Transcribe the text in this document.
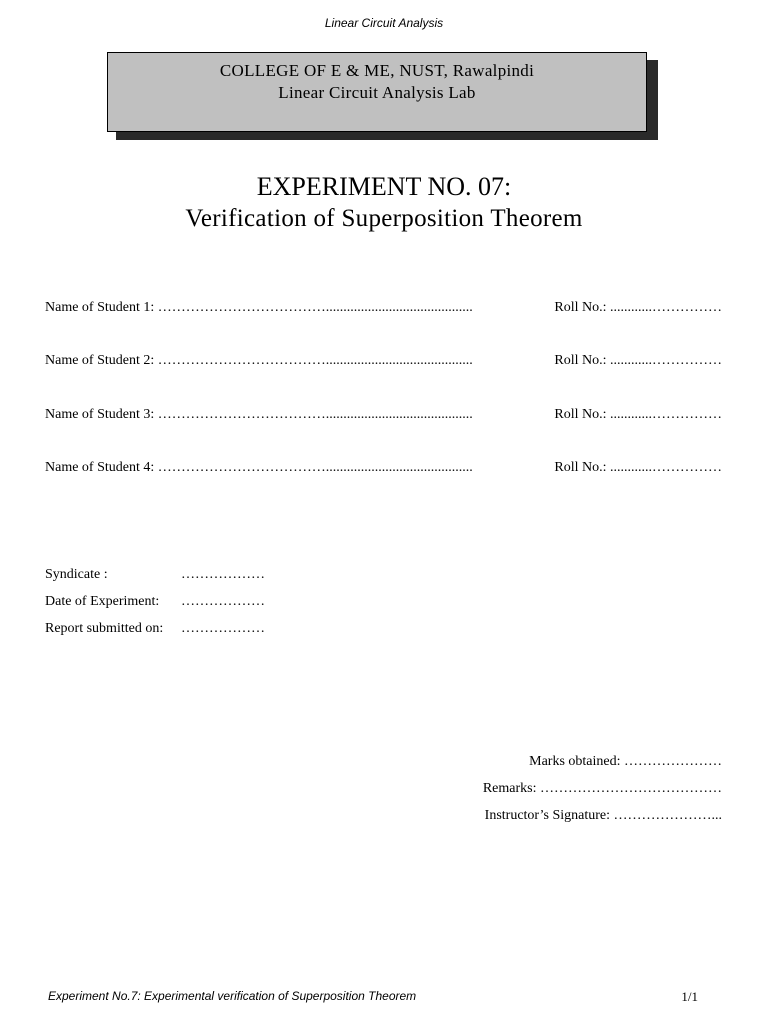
Linear Circuit Analysis
COLLEGE OF E & ME, NUST, Rawalpindi
Linear Circuit Analysis Lab
EXPERIMENT NO. 07:
Verification of Superposition Theorem
Name of Student 1: ………………………………..........................................	Roll No.: ............……………
Name of Student 2: ………………………………..........................................	Roll No.: ............……………
Name of Student 3: ………………………………..........................................	Roll No.: ............……………
Name of Student 4: ………………………………..........................................	Roll No.: ............……………
Syndicate :	………………
Date of Experiment: ………………
Report submitted on: ………………
Marks obtained: …………………
Remarks: …………………………………
Instructor’s Signature: …………………...
Experiment No.7: Experimental verification of Superposition Theorem	1/1
